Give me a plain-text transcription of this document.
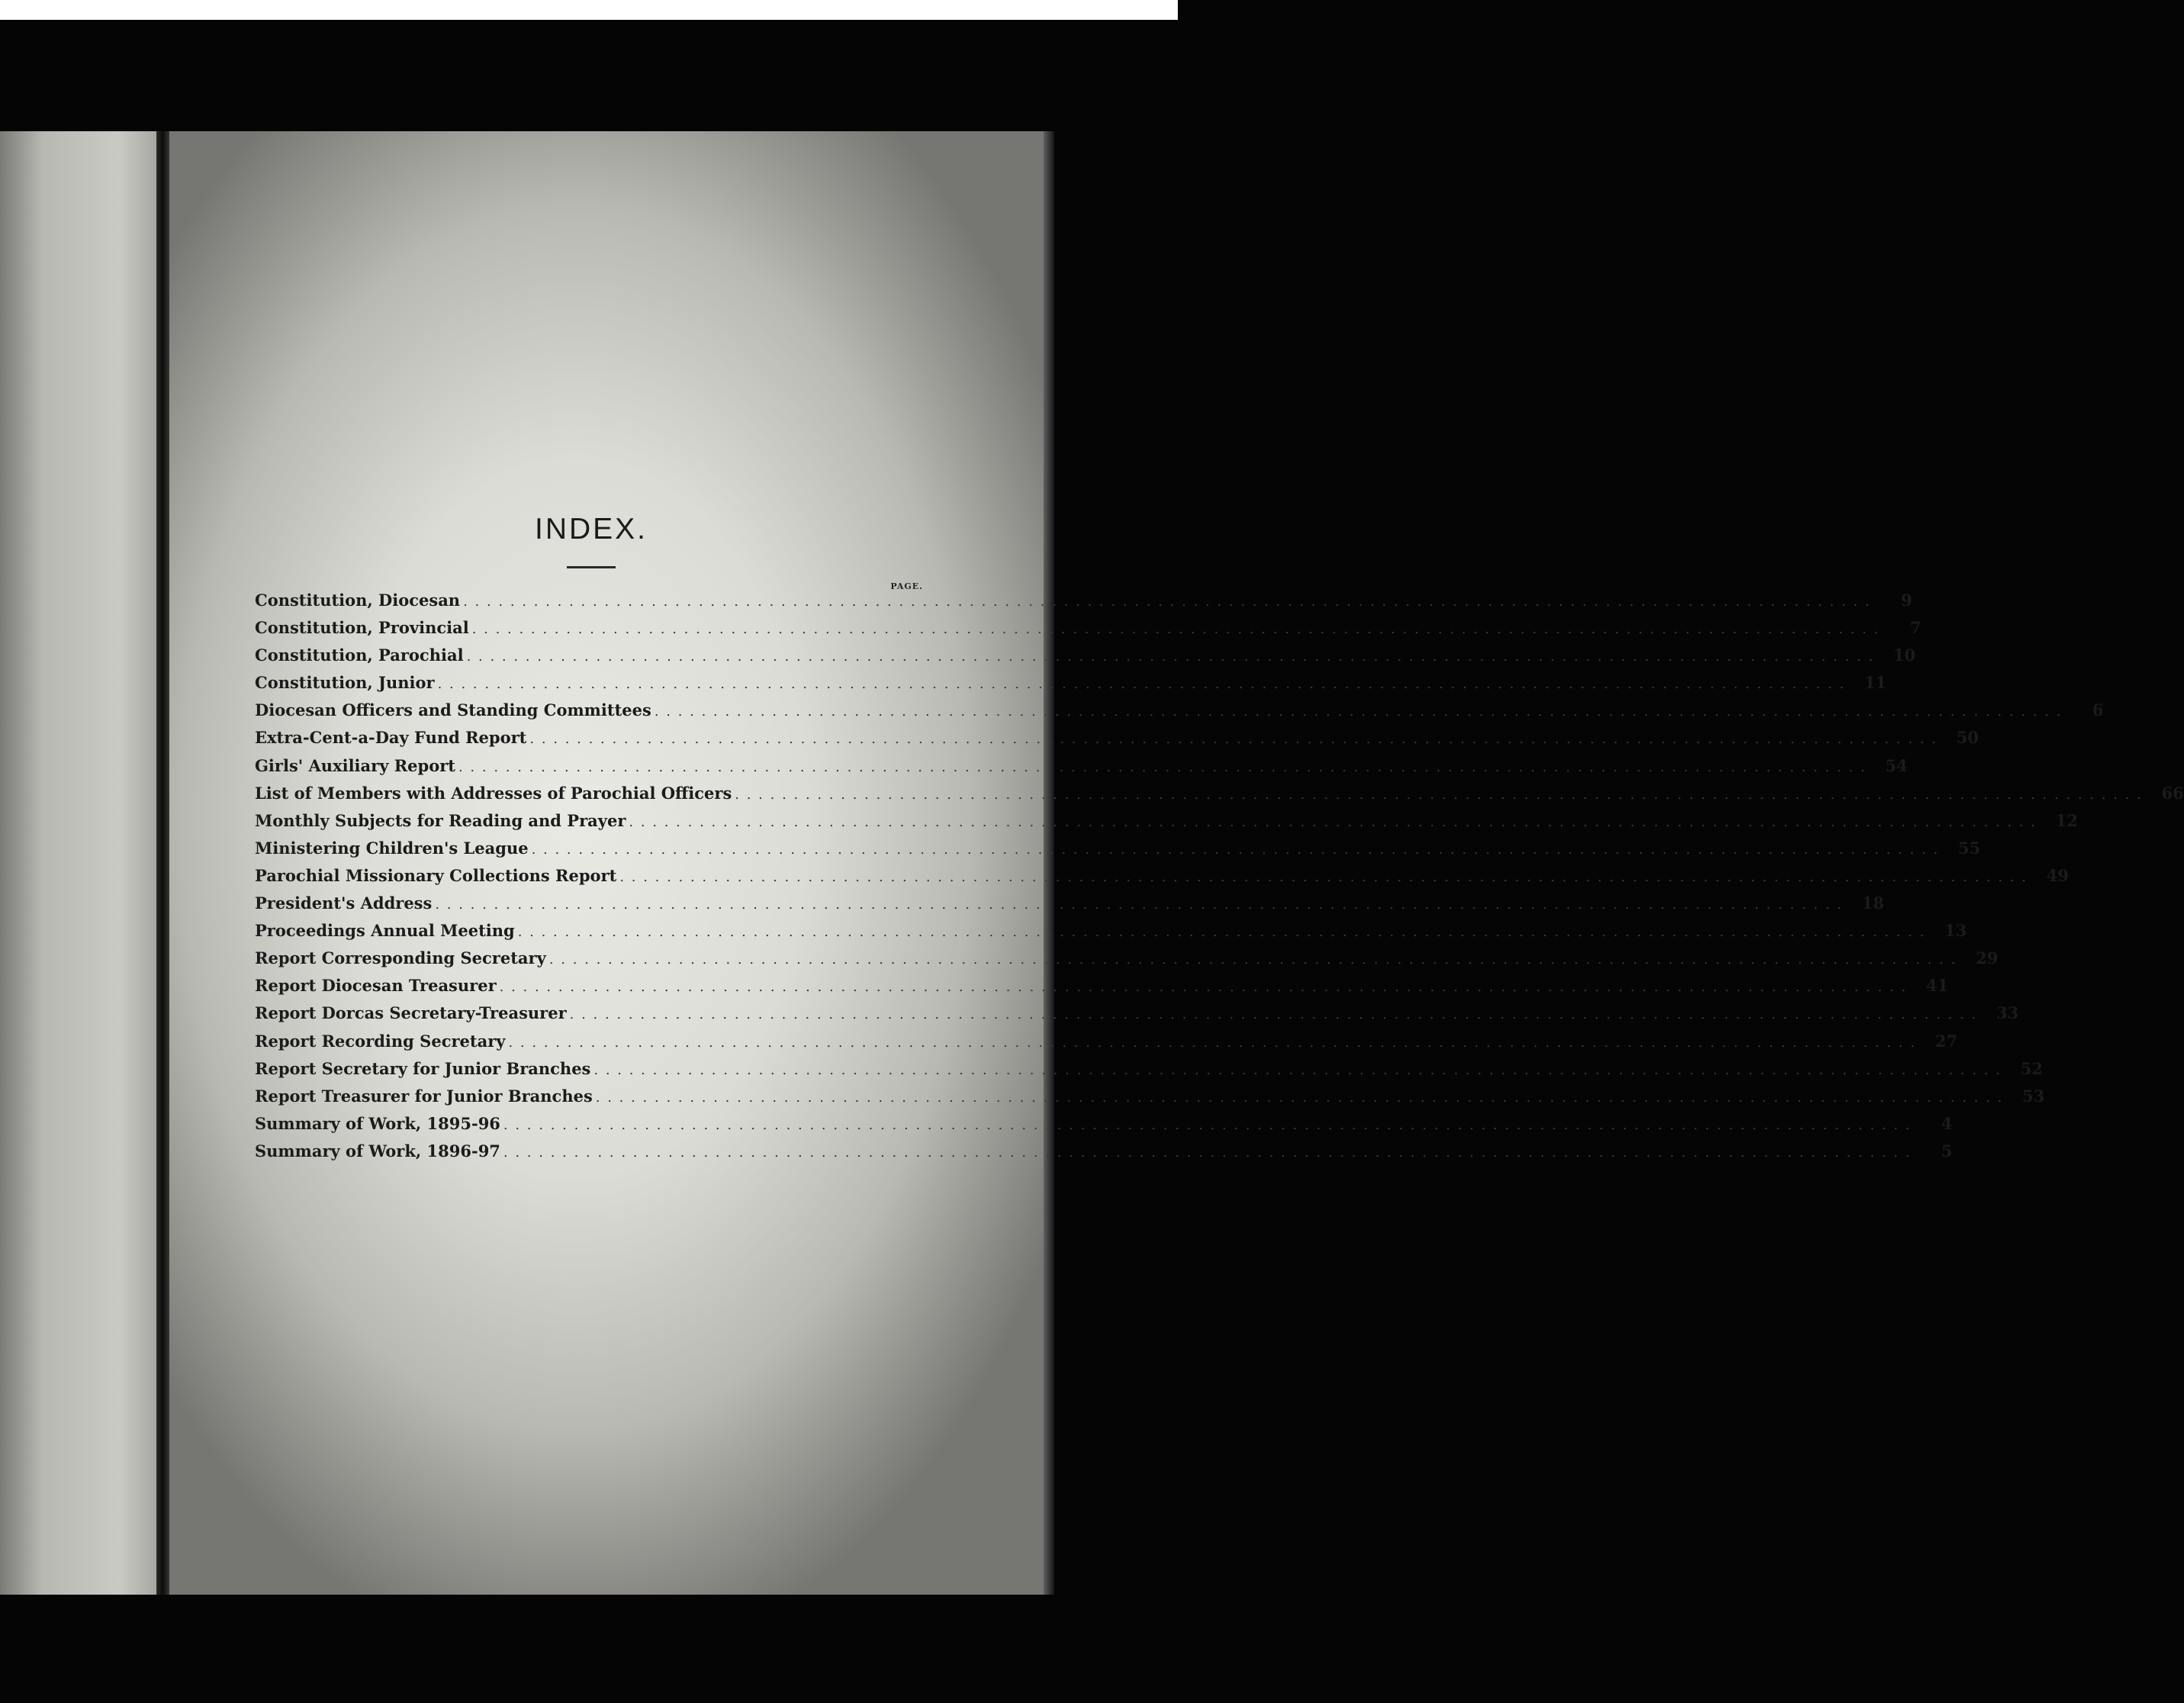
INDEX.
PAGE.
Constitution, Diocesan . . . . . . . . . . . . . . . . . . . . . . . . . . . . . . . . . . . . . . . . . . . . . . . . . . . . . . . . . . . . . . . . . . . . . . . . . . . . . . . . . . . . . . . . . . . . . . . . . . . . . . . . . . . . . . . . . . . . . . . .	9
Constitution, Provincial . . . . . . . . . . . . . . . . . . . . . . . . . . . . . . . . . . . . . . . . . . . . . . . . . . . . . . . . . . . . . . . . . . . . . . . . . . . . . . . . . . . . . . . . . . . . . . . . . . . . . . . . . . . . . . . . . . . . . . . .	7
Constitution, Parochial . . . . . . . . . . . . . . . . . . . . . . . . . . . . . . . . . . . . . . . . . . . . . . . . . . . . . . . . . . . . . . . . . . . . . . . . . . . . . . . . . . . . . . . . . . . . . . . . . . . . . . . . . . . . . . . . . . . . . . . .	10
Constitution, Junior . . . . . . . . . . . . . . . . . . . . . . . . . . . . . . . . . . . . . . . . . . . . . . . . . . . . . . . . . . . . . . . . . . . . . . . . . . . . . . . . . . . . . . . . . . . . . . . . . . . . . . . . . . . . . . . . . . . . . . . .	11
Diocesan Officers and Standing Committees . . . . . . . . . . . . . . . . . . . . . . . . . . . . . . . . . . . . . . . . . . . . . . . . . . . . . . . . . . . . . . . . . . . . . . . . . . . . . . . . . . . . . . . . . . . . . . . . . . . . . . . . . . . . . . . . . . . . . . . .	6
Extra-Cent-a-Day Fund Report . . . . . . . . . . . . . . . . . . . . . . . . . . . . . . . . . . . . . . . . . . . . . . . . . . . . . . . . . . . . . . . . . . . . . . . . . . . . . . . . . . . . . . . . . . . . . . . . . . . . . . . . . . . . . . . . . . . . . . . .	50
Girls' Auxiliary Report . . . . . . . . . . . . . . . . . . . . . . . . . . . . . . . . . . . . . . . . . . . . . . . . . . . . . . . . . . . . . . . . . . . . . . . . . . . . . . . . . . . . . . . . . . . . . . . . . . . . . . . . . . . . . . . . . . . . . . . .	54
List of Members with Addresses of Parochial Officers . . . . . . . . . . . . . . . . . . . . . . . . . . . . . . . . . . . . . . . . . . . . . . . . . . . . . . . . . . . . . . . . . . . . . . . . . . . . . . . . . . . . . . . . . . . . . . . . . . . . . . . . . . . . . . . . . . . . . . . .	66
Monthly Subjects for Reading and Prayer . . . . . . . . . . . . . . . . . . . . . . . . . . . . . . . . . . . . . . . . . . . . . . . . . . . . . . . . . . . . . . . . . . . . . . . . . . . . . . . . . . . . . . . . . . . . . . . . . . . . . . . . . . . . . . . . . . . . . . . .	12
Ministering Children's League . . . . . . . . . . . . . . . . . . . . . . . . . . . . . . . . . . . . . . . . . . . . . . . . . . . . . . . . . . . . . . . . . . . . . . . . . . . . . . . . . . . . . . . . . . . . . . . . . . . . . . . . . . . . . . . . . . . . . . . .	55
Parochial Missionary Collections Report . . . . . . . . . . . . . . . . . . . . . . . . . . . . . . . . . . . . . . . . . . . . . . . . . . . . . . . . . . . . . . . . . . . . . . . . . . . . . . . . . . . . . . . . . . . . . . . . . . . . . . . . . . . . . . . . . . . . . . . .	49
President's Address . . . . . . . . . . . . . . . . . . . . . . . . . . . . . . . . . . . . . . . . . . . . . . . . . . . . . . . . . . . . . . . . . . . . . . . . . . . . . . . . . . . . . . . . . . . . . . . . . . . . . . . . . . . . . . . . . . . . . . . .	18
Proceedings Annual Meeting . . . . . . . . . . . . . . . . . . . . . . . . . . . . . . . . . . . . . . . . . . . . . . . . . . . . . . . . . . . . . . . . . . . . . . . . . . . . . . . . . . . . . . . . . . . . . . . . . . . . . . . . . . . . . . . . . . . . . . . .	13
Report Corresponding Secretary . . . . . . . . . . . . . . . . . . . . . . . . . . . . . . . . . . . . . . . . . . . . . . . . . . . . . . . . . . . . . . . . . . . . . . . . . . . . . . . . . . . . . . . . . . . . . . . . . . . . . . . . . . . . . . . . . . . . . . . .	29
Report Diocesan Treasurer . . . . . . . . . . . . . . . . . . . . . . . . . . . . . . . . . . . . . . . . . . . . . . . . . . . . . . . . . . . . . . . . . . . . . . . . . . . . . . . . . . . . . . . . . . . . . . . . . . . . . . . . . . . . . . . . . . . . . . . .	41
Report Dorcas Secretary-Treasurer . . . . . . . . . . . . . . . . . . . . . . . . . . . . . . . . . . . . . . . . . . . . . . . . . . . . . . . . . . . . . . . . . . . . . . . . . . . . . . . . . . . . . . . . . . . . . . . . . . . . . . . . . . . . . . . . . . . . . . . .	33
Report Recording Secretary . . . . . . . . . . . . . . . . . . . . . . . . . . . . . . . . . . . . . . . . . . . . . . . . . . . . . . . . . . . . . . . . . . . . . . . . . . . . . . . . . . . . . . . . . . . . . . . . . . . . . . . . . . . . . . . . . . . . . . . .	27
Report Secretary for Junior Branches . . . . . . . . . . . . . . . . . . . . . . . . . . . . . . . . . . . . . . . . . . . . . . . . . . . . . . . . . . . . . . . . . . . . . . . . . . . . . . . . . . . . . . . . . . . . . . . . . . . . . . . . . . . . . . . . . . . . . . . .	52
Report Treasurer for Junior Branches . . . . . . . . . . . . . . . . . . . . . . . . . . . . . . . . . . . . . . . . . . . . . . . . . . . . . . . . . . . . . . . . . . . . . . . . . . . . . . . . . . . . . . . . . . . . . . . . . . . . . . . . . . . . . . . . . . . . . . . .	53
Summary of Work, 1895-96 . . . . . . . . . . . . . . . . . . . . . . . . . . . . . . . . . . . . . . . . . . . . . . . . . . . . . . . . . . . . . . . . . . . . . . . . . . . . . . . . . . . . . . . . . . . . . . . . . . . . . . . . . . . . . . . . . . . . . . . .	4
Summary of Work, 1896-97 . . . . . . . . . . . . . . . . . . . . . . . . . . . . . . . . . . . . . . . . . . . . . . . . . . . . . . . . . . . . . . . . . . . . . . . . . . . . . . . . . . . . . . . . . . . . . . . . . . . . . . . . . . . . . . . . . . . . . . . .	5
